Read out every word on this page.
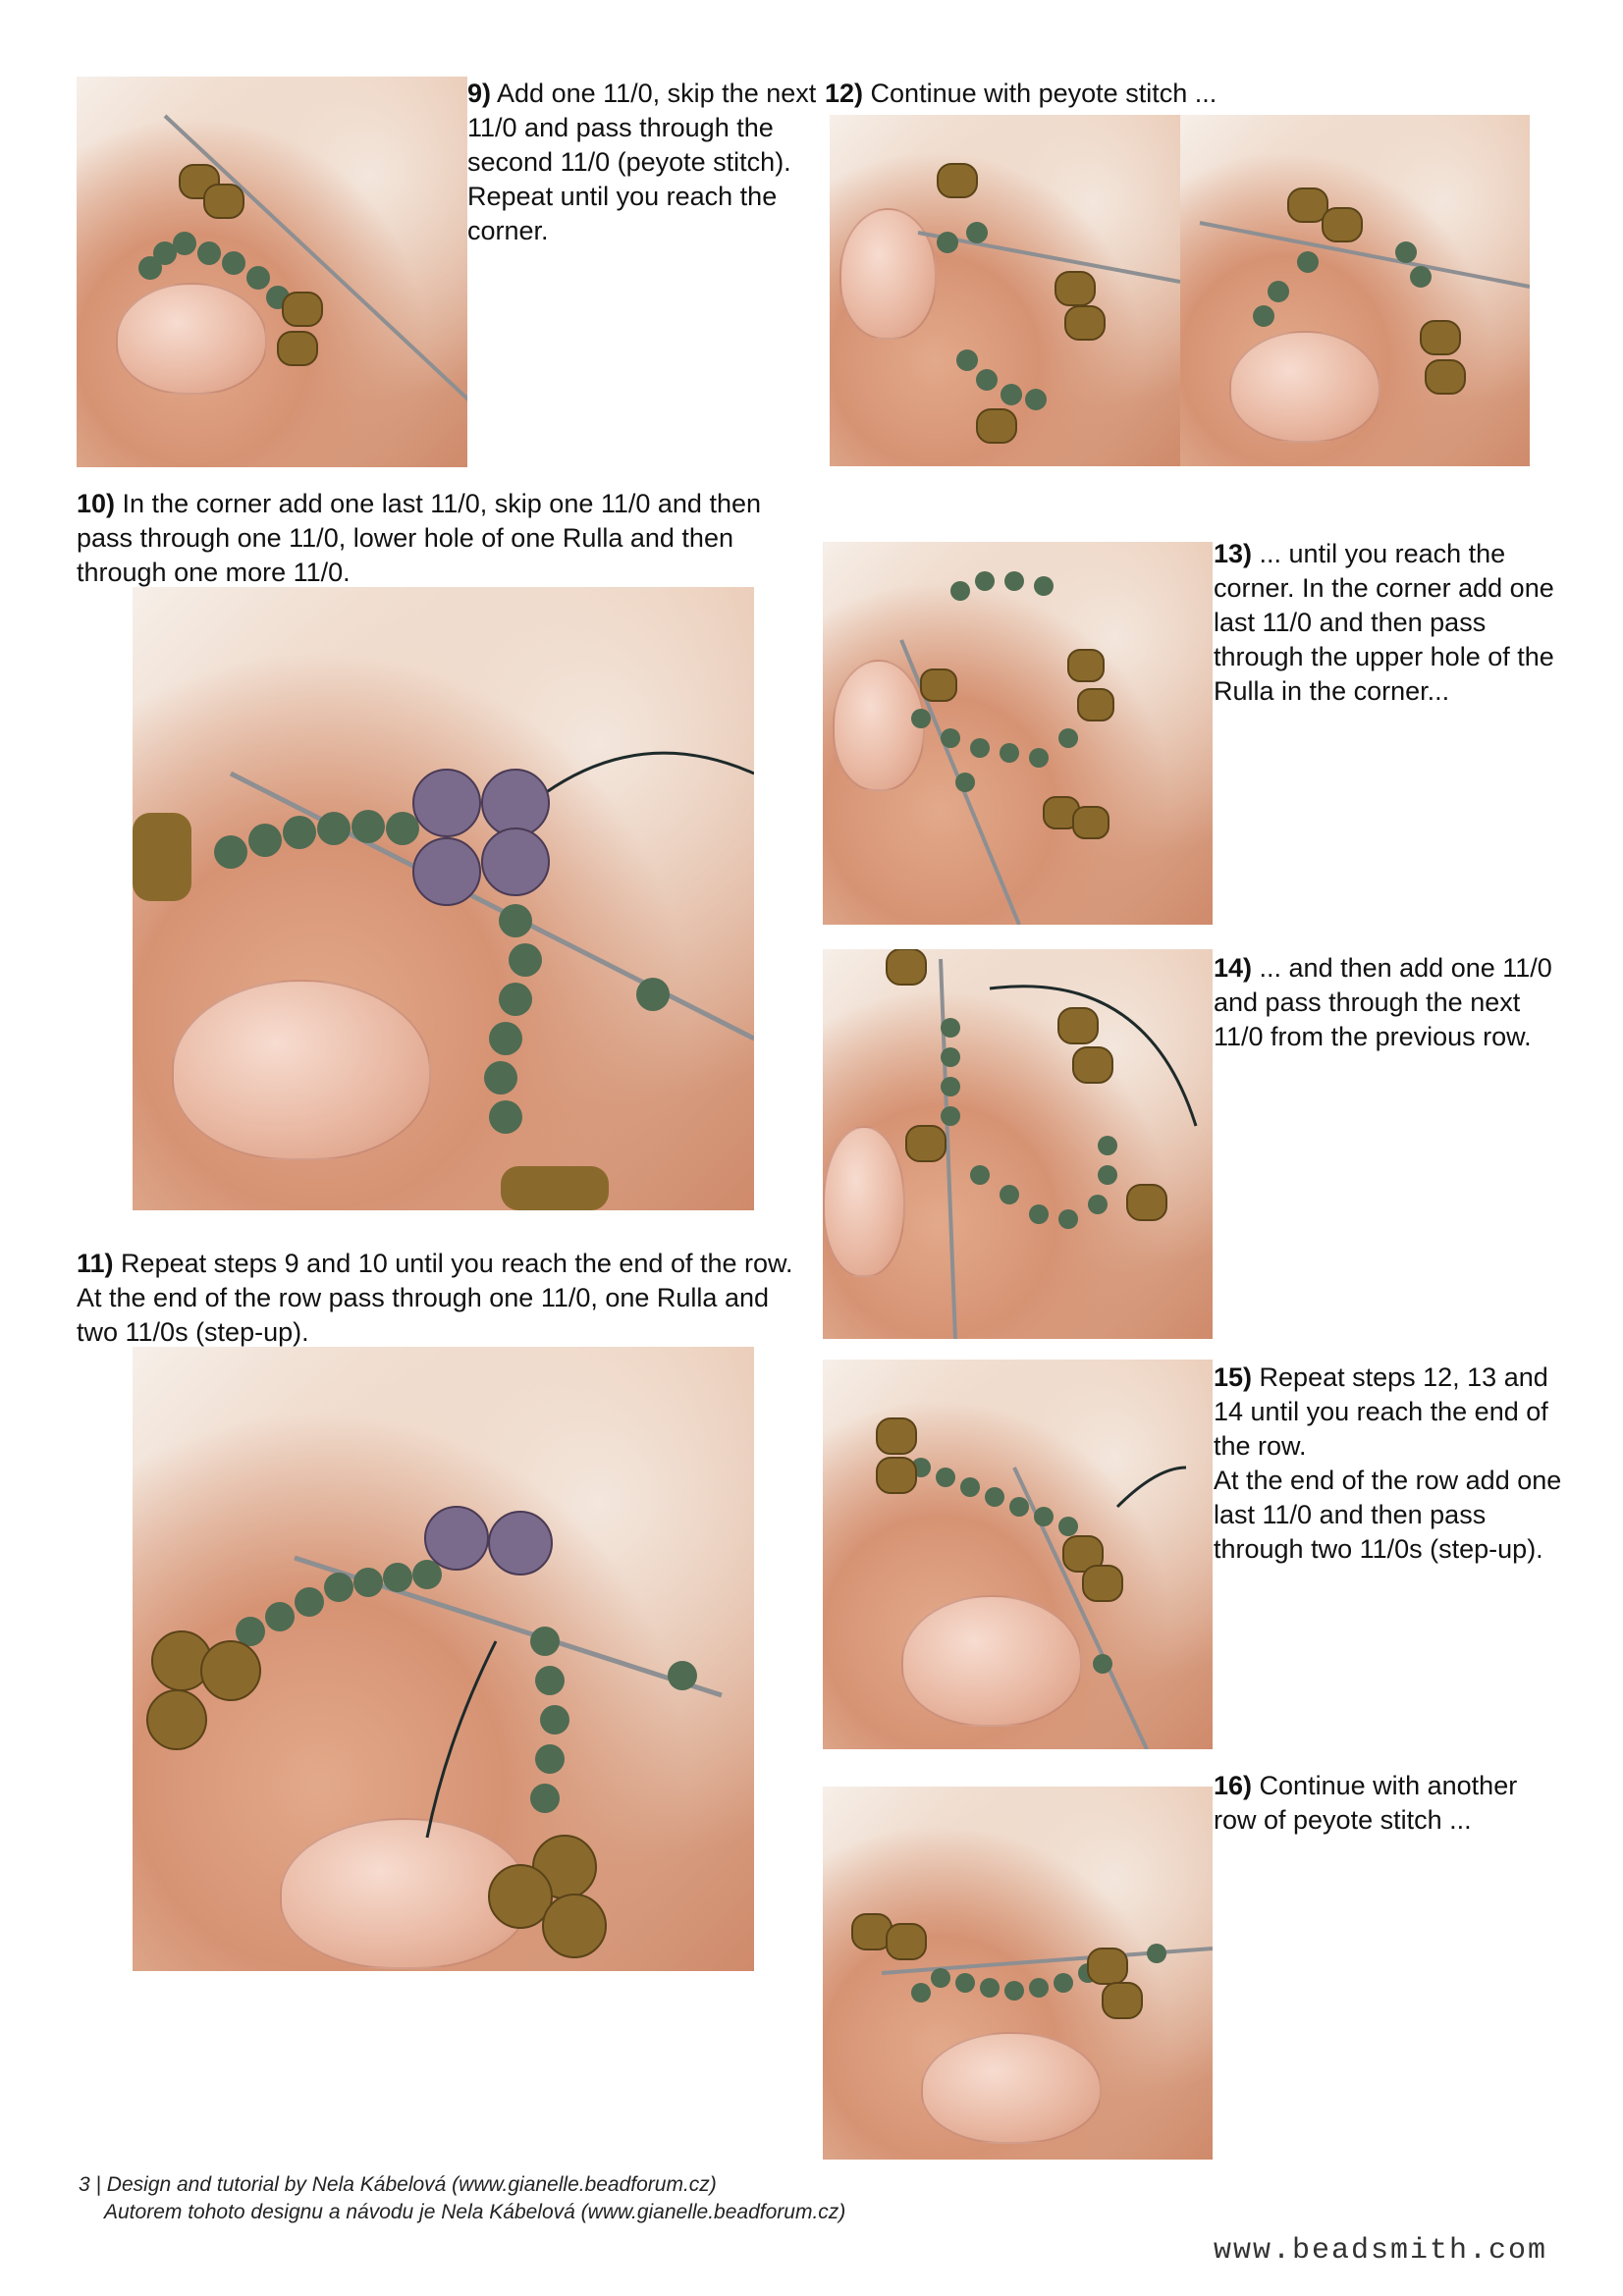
9) Add one 11/0, skip the next 11/0 and pass through the second 11/0 (peyote stitch). Repeat until you reach the corner.
12) Continue with peyote stitch ...
10) In the corner add one last 11/0, skip one 11/0 and then pass through one 11/0, lower hole of one Rulla and then through one more 11/0.
13) ... until you reach the corner. In the corner add one last 11/0 and then pass through the upper hole of the Rulla in the corner...
14) ... and then add one 11/0 and pass through the next 11/0 from the previous row.
11) Repeat steps 9 and 10 until you reach the end of the row. At the end of the row pass through one 11/0, one Rulla and two 11/0s (step-up).
15) Repeat steps 12, 13 and 14 until you reach the end of the row.
At the end of the row add one last 11/0 and then pass through two 11/0s (step-up).
16) Continue with another row of peyote stitch ...
3 | Design and tutorial by Nela Kábelová (www.gianelle.beadforum.cz)
Autorem tohoto designu a návodu je Nela Kábelová (www.gianelle.beadforum.cz)
www.beadsmith.com
